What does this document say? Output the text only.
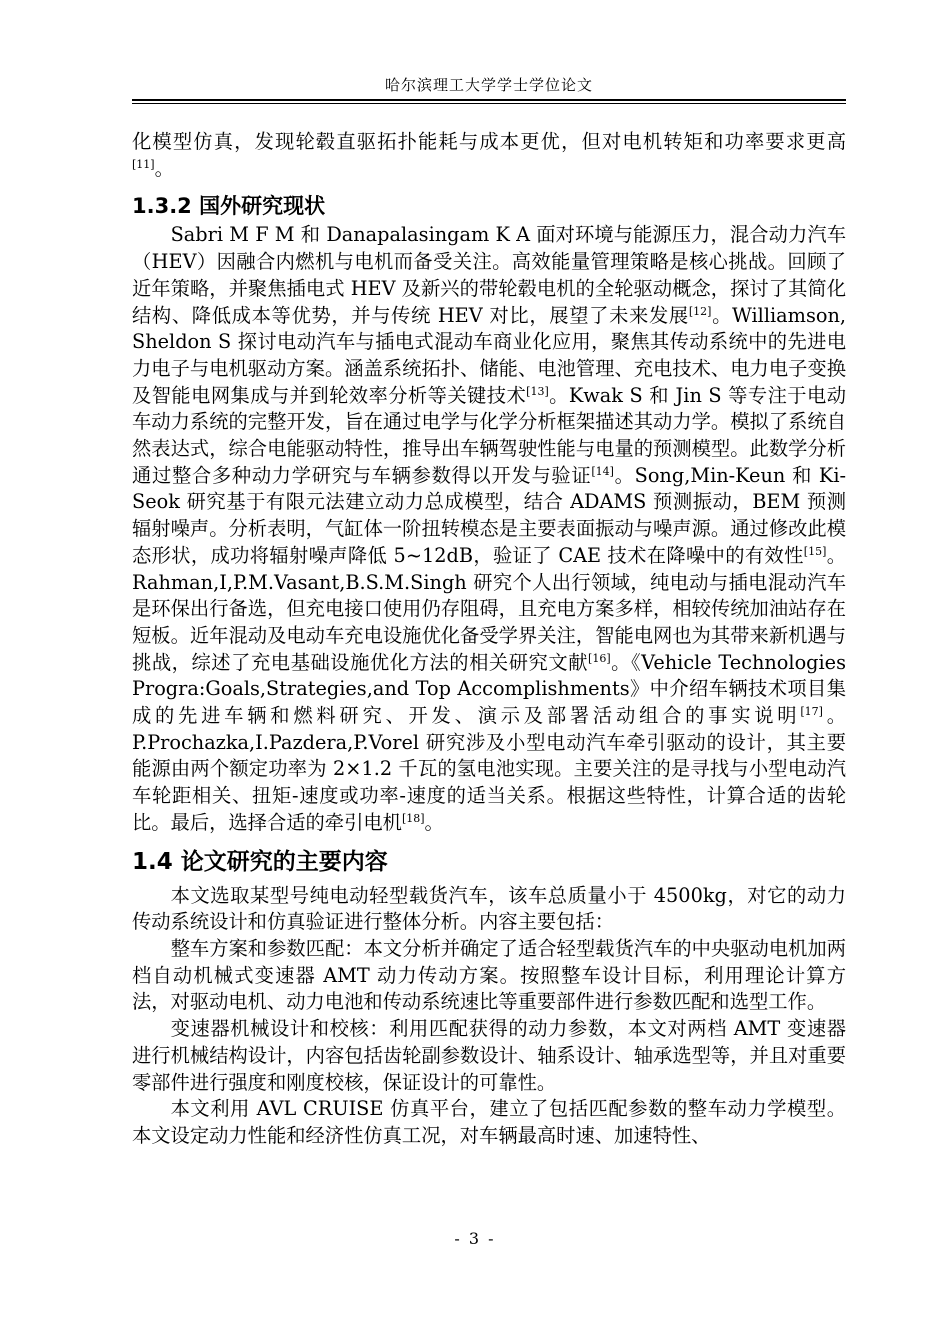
哈尔滨理工大学学士学位论文

化模型仿真，发现轮毂直驱拓扑能耗与成本更优，但对电机转矩和功率要求更高[11]。

1.3.2 国外研究现状

Sabri M F M 和 Danapalasingam K A 面对环境与能源压力，混合动力汽车（HEV）因融合内燃机与电机而备受关注。高效能量管理策略是核心挑战。回顾了近年策略，并聚焦插电式 HEV 及新兴的带轮毂电机的全轮驱动概念，探讨了其简化结构、降低成本等优势，并与传统 HEV 对比，展望了未来发展[12]。Williamson, Sheldon S 探讨电动汽车与插电式混动车商业化应用，聚焦其传动系统中的先进电力电子与电机驱动方案。涵盖系统拓扑、储能、电池管理、充电技术、电力电子变换及智能电网集成与并到轮效率分析等关键技术[13]。Kwak S 和 Jin S 等专注于电动车动力系统的完整开发，旨在通过电学与化学分析框架描述其动力学。模拟了系统自然表达式，综合电能驱动特性，推导出车辆驾驶性能与电量的预测模型。此数学分析通过整合多种动力学研究与车辆参数得以开发与验证[14]。Song,Min-Keun 和 Ki-Seok 研究基于有限元法建立动力总成模型，结合 ADAMS 预测振动，BEM 预测辐射噪声。分析表明，气缸体一阶扭转模态是主要表面振动与噪声源。通过修改此模态形状，成功将辐射噪声降低 5~12dB，验证了 CAE 技术在降噪中的有效性[15]。Rahman,I,P.M.Vasant,B.S.M.Singh 研究个人出行领域，纯电动与插电混动汽车是环保出行备选，但充电接口使用仍存阻碍，且充电方案多样，相较传统加油站存在短板。近年混动及电动车充电设施优化备受学界关注，智能电网也为其带来新机遇与挑战，综述了充电基础设施优化方法的相关研究文献[16]。《Vehicle Technologies Progra:Goals,Strategies,and Top Accomplishments》中介绍车辆技术项目集成的先进车辆和燃料研究、开发、演示及部署活动组合的事实说明[17]。P.Prochazka,I.Pazdera,P.Vorel 研究涉及小型电动汽车牵引驱动的设计，其主要能源由两个额定功率为 2×1.2 千瓦的氢电池实现。主要关注的是寻找与小型电动汽车轮距相关、扭矩-速度或功率-速度的适当关系。根据这些特性，计算合适的齿轮比。最后，选择合适的牵引电机[18]。

1.4 论文研究的主要内容

本文选取某型号纯电动轻型载货汽车，该车总质量小于 4500kg，对它的动力传动系统设计和仿真验证进行整体分析。内容主要包括：

整车方案和参数匹配：本文分析并确定了适合轻型载货汽车的中央驱动电机加两档自动机械式变速器 AMT 动力传动方案。按照整车设计目标，利用理论计算方法，对驱动电机、动力电池和传动系统速比等重要部件进行参数匹配和选型工作。

变速器机械设计和校核：利用匹配获得的动力参数，本文对两档 AMT 变速器进行机械结构设计，内容包括齿轮副参数设计、轴系设计、轴承选型等，并且对重要零部件进行强度和刚度校核，保证设计的可靠性。

本文利用 AVL CRUISE 仿真平台，建立了包括匹配参数的整车动力学模型。本文设定动力性能和经济性仿真工况，对车辆最高时速、加速特性、

- 3 -
